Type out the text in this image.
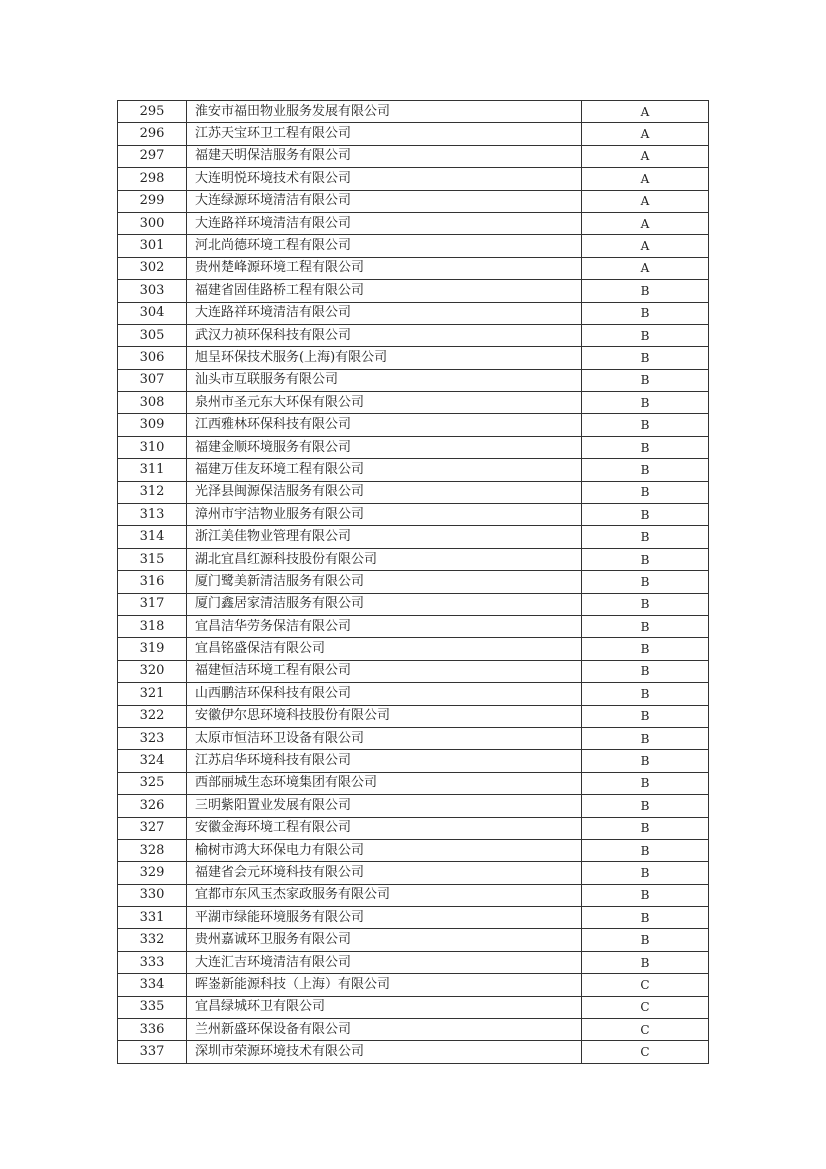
295	淮安市福田物业服务发展有限公司	A
296	江苏天宝环卫工程有限公司	A
297	福建天明保洁服务有限公司	A
298	大连明悦环境技术有限公司	A
299	大连绿源环境清洁有限公司	A
300	大连路祥环境清洁有限公司	A
301	河北尚德环境工程有限公司	A
302	贵州楚峰源环境工程有限公司	A
303	福建省固佳路桥工程有限公司	B
304	大连路祥环境清洁有限公司	B
305	武汉力祯环保科技有限公司	B
306	旭呈环保技术服务(上海)有限公司	B
307	汕头市互联服务有限公司	B
308	泉州市圣元东大环保有限公司	B
309	江西雅林环保科技有限公司	B
310	福建金顺环境服务有限公司	B
311	福建万佳友环境工程有限公司	B
312	光泽县闽源保洁服务有限公司	B
313	漳州市宇洁物业服务有限公司	B
314	浙江美佳物业管理有限公司	B
315	湖北宜昌红源科技股份有限公司	B
316	厦门鹭美新清洁服务有限公司	B
317	厦门鑫居家清洁服务有限公司	B
318	宜昌洁华劳务保洁有限公司	B
319	宜昌铭盛保洁有限公司	B
320	福建恒洁环境工程有限公司	B
321	山西鹏洁环保科技有限公司	B
322	安徽伊尔思环境科技股份有限公司	B
323	太原市恒洁环卫设备有限公司	B
324	江苏启华环境科技有限公司	B
325	西部丽城生态环境集团有限公司	B
326	三明紫阳置业发展有限公司	B
327	安徽金海环境工程有限公司	B
328	榆树市鸿大环保电力有限公司	B
329	福建省会元环境科技有限公司	B
330	宜都市东风玉杰家政服务有限公司	B
331	平湖市绿能环境服务有限公司	B
332	贵州嘉诚环卫服务有限公司	B
333	大连汇吉环境清洁有限公司	B
334	晖崟新能源科技（上海）有限公司	C
335	宜昌绿城环卫有限公司	C
336	兰州新盛环保设备有限公司	C
337	深圳市荣源环境技术有限公司	C
